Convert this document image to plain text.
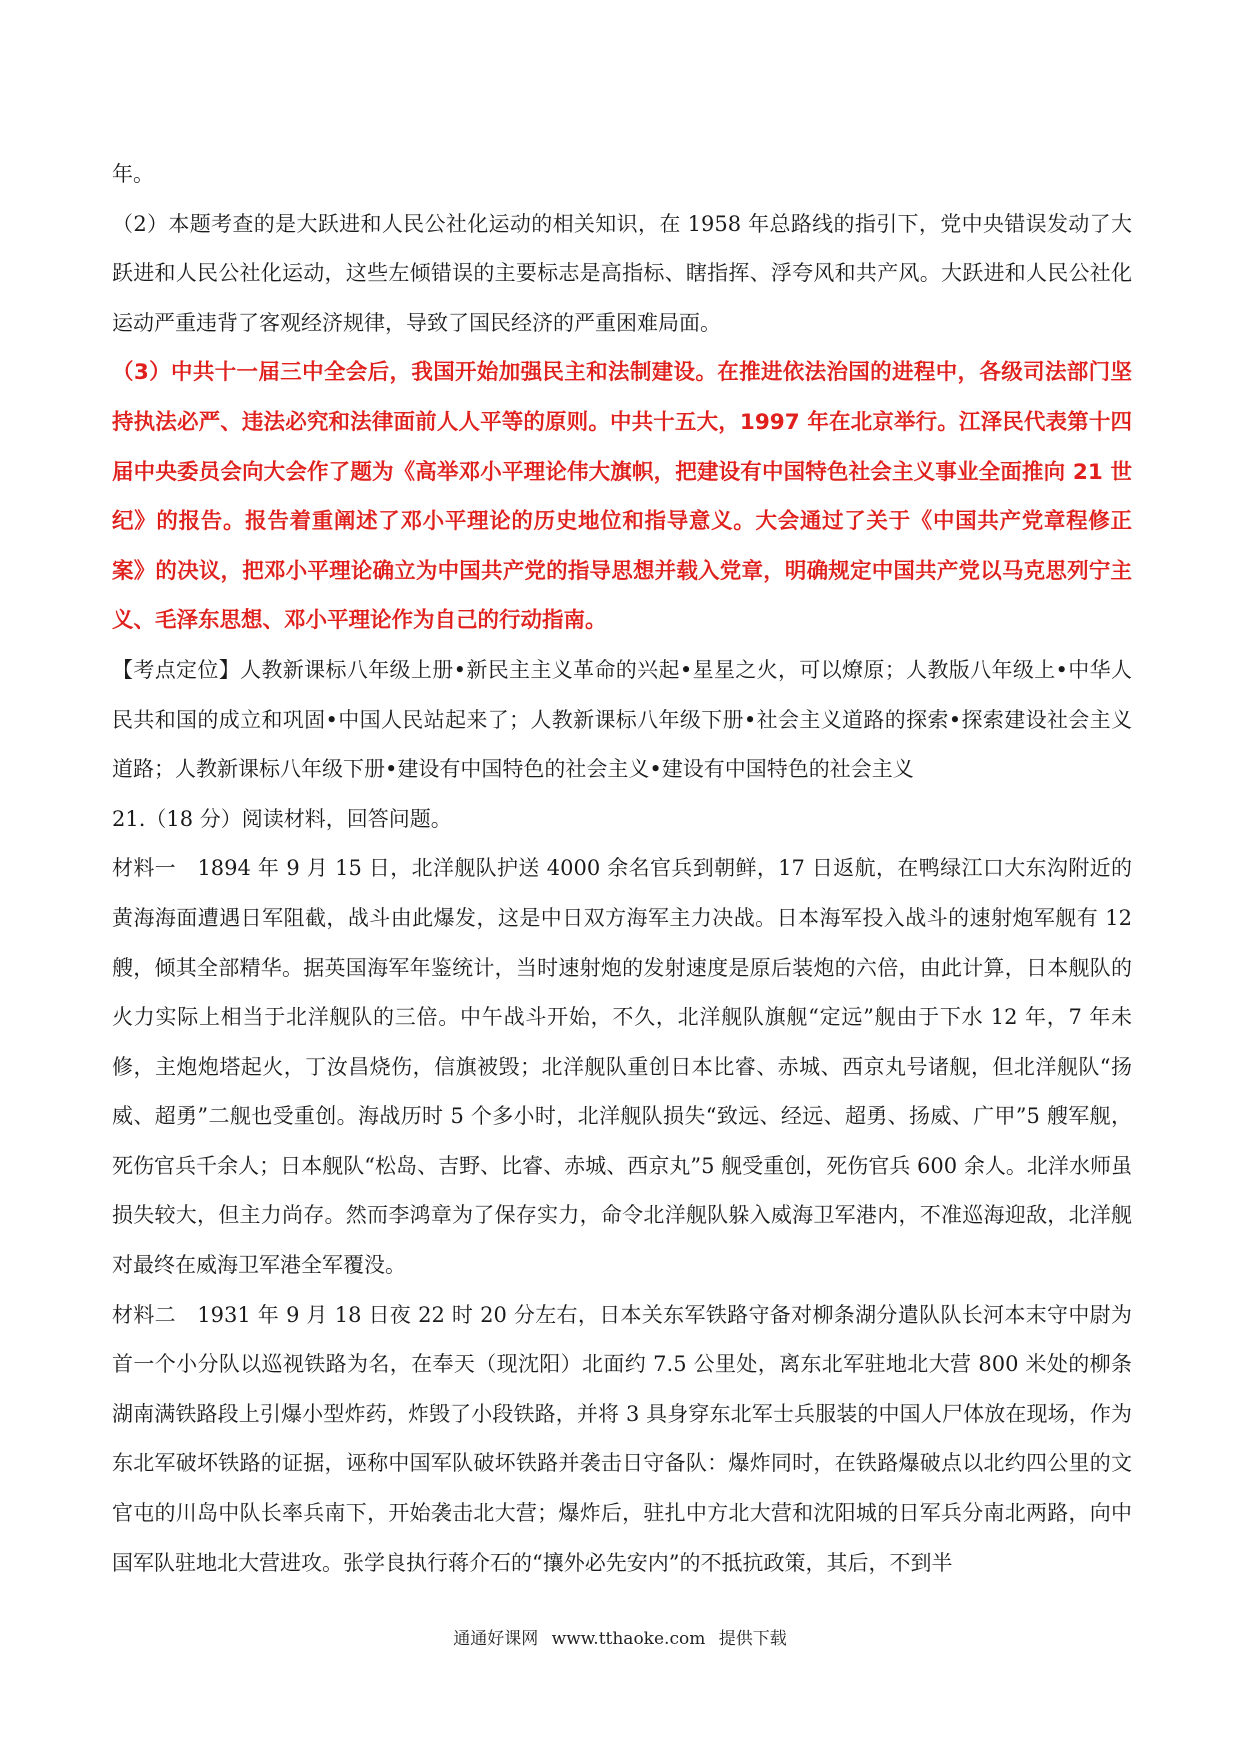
年。

（2）本题考查的是大跃进和人民公社化运动的相关知识，在 1958 年总路线的指引下，党中央错误发动了大跃进和人民公社化运动，这些左倾错误的主要标志是高指标、瞎指挥、浮夸风和共产风。大跃进和人民公社化运动严重违背了客观经济规律，导致了国民经济的严重困难局面。

（3）中共十一届三中全会后，我国开始加强民主和法制建设。在推进依法治国的进程中，各级司法部门坚持执法必严、违法必究和法律面前人人平等的原则。中共十五大，1997 年在北京举行。江泽民代表第十四届中央委员会向大会作了题为《高举邓小平理论伟大旗帜，把建设有中国特色社会主义事业全面推向 21 世纪》的报告。报告着重阐述了邓小平理论的历史地位和指导意义。大会通过了关于《中国共产党章程修正案》的决议，把邓小平理论确立为中国共产党的指导思想并载入党章，明确规定中国共产党以马克思列宁主义、毛泽东思想、邓小平理论作为自己的行动指南。

【考点定位】人教新课标八年级上册•新民主主义革命的兴起•星星之火，可以燎原；人教版八年级上•中华人民共和国的成立和巩固•中国人民站起来了；人教新课标八年级下册•社会主义道路的探索•探索建设社会主义道路；人教新课标八年级下册•建设有中国特色的社会主义•建设有中国特色的社会主义

21.（18 分）阅读材料，回答问题。

材料一　1894 年 9 月 15 日，北洋舰队护送 4000 余名官兵到朝鲜，17 日返航，在鸭绿江口大东沟附近的黄海海面遭遇日军阻截，战斗由此爆发，这是中日双方海军主力决战。日本海军投入战斗的速射炮军舰有 12 艘，倾其全部精华。据英国海军年鉴统计，当时速射炮的发射速度是原后装炮的六倍，由此计算，日本舰队的火力实际上相当于北洋舰队的三倍。中午战斗开始，不久，北洋舰队旗舰“定远”舰由于下水 12 年，7 年未修，主炮炮塔起火，丁汝昌烧伤，信旗被毁；北洋舰队重创日本比睿、赤城、西京丸号诸舰，但北洋舰队“扬威、超勇”二舰也受重创。海战历时 5 个多小时，北洋舰队损失“致远、经远、超勇、扬威、广甲”5 艘军舰，死伤官兵千余人；日本舰队“松岛、吉野、比睿、赤城、西京丸”5 舰受重创，死伤官兵 600 余人。北洋水师虽损失较大，但主力尚存。然而李鸿章为了保存实力，命令北洋舰队躲入威海卫军港内，不准巡海迎敌，北洋舰对最终在威海卫军港全军覆没。

材料二　1931 年 9 月 18 日夜 22 时 20 分左右，日本关东军铁路守备对柳条湖分遣队队长河本末守中尉为首一个小分队以巡视铁路为名，在奉天（现沈阳）北面约 7.5 公里处，离东北军驻地北大营 800 米处的柳条湖南满铁路段上引爆小型炸药，炸毁了小段铁路，并将 3 具身穿东北军士兵服装的中国人尸体放在现场，作为东北军破坏铁路的证据，诬称中国军队破坏铁路并袭击日守备队：爆炸同时，在铁路爆破点以北约四公里的文官屯的川岛中队长率兵南下，开始袭击北大营；爆炸后，驻扎中方北大营和沈阳城的日军兵分南北两路，向中国军队驻地北大营进攻。张学良执行蒋介石的“攘外必先安内”的不抵抗政策，其后，不到半

通通好课网 www.tthaoke.com 提供下载
